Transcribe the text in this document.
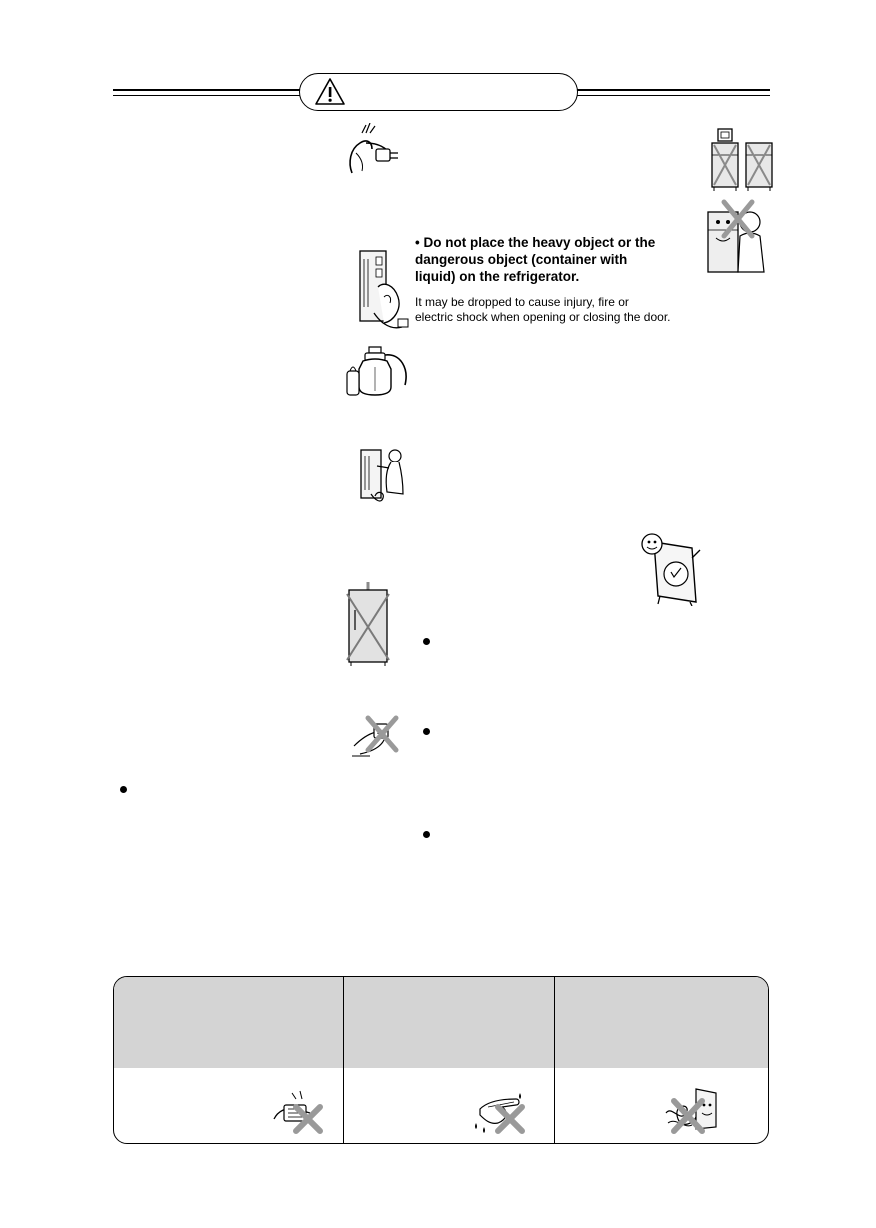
• Do not place the heavy object or the dangerous object (container with liquid) on the refrigerator.

It may be dropped to cause injury, fire or
electric shock when opening or closing the door.
